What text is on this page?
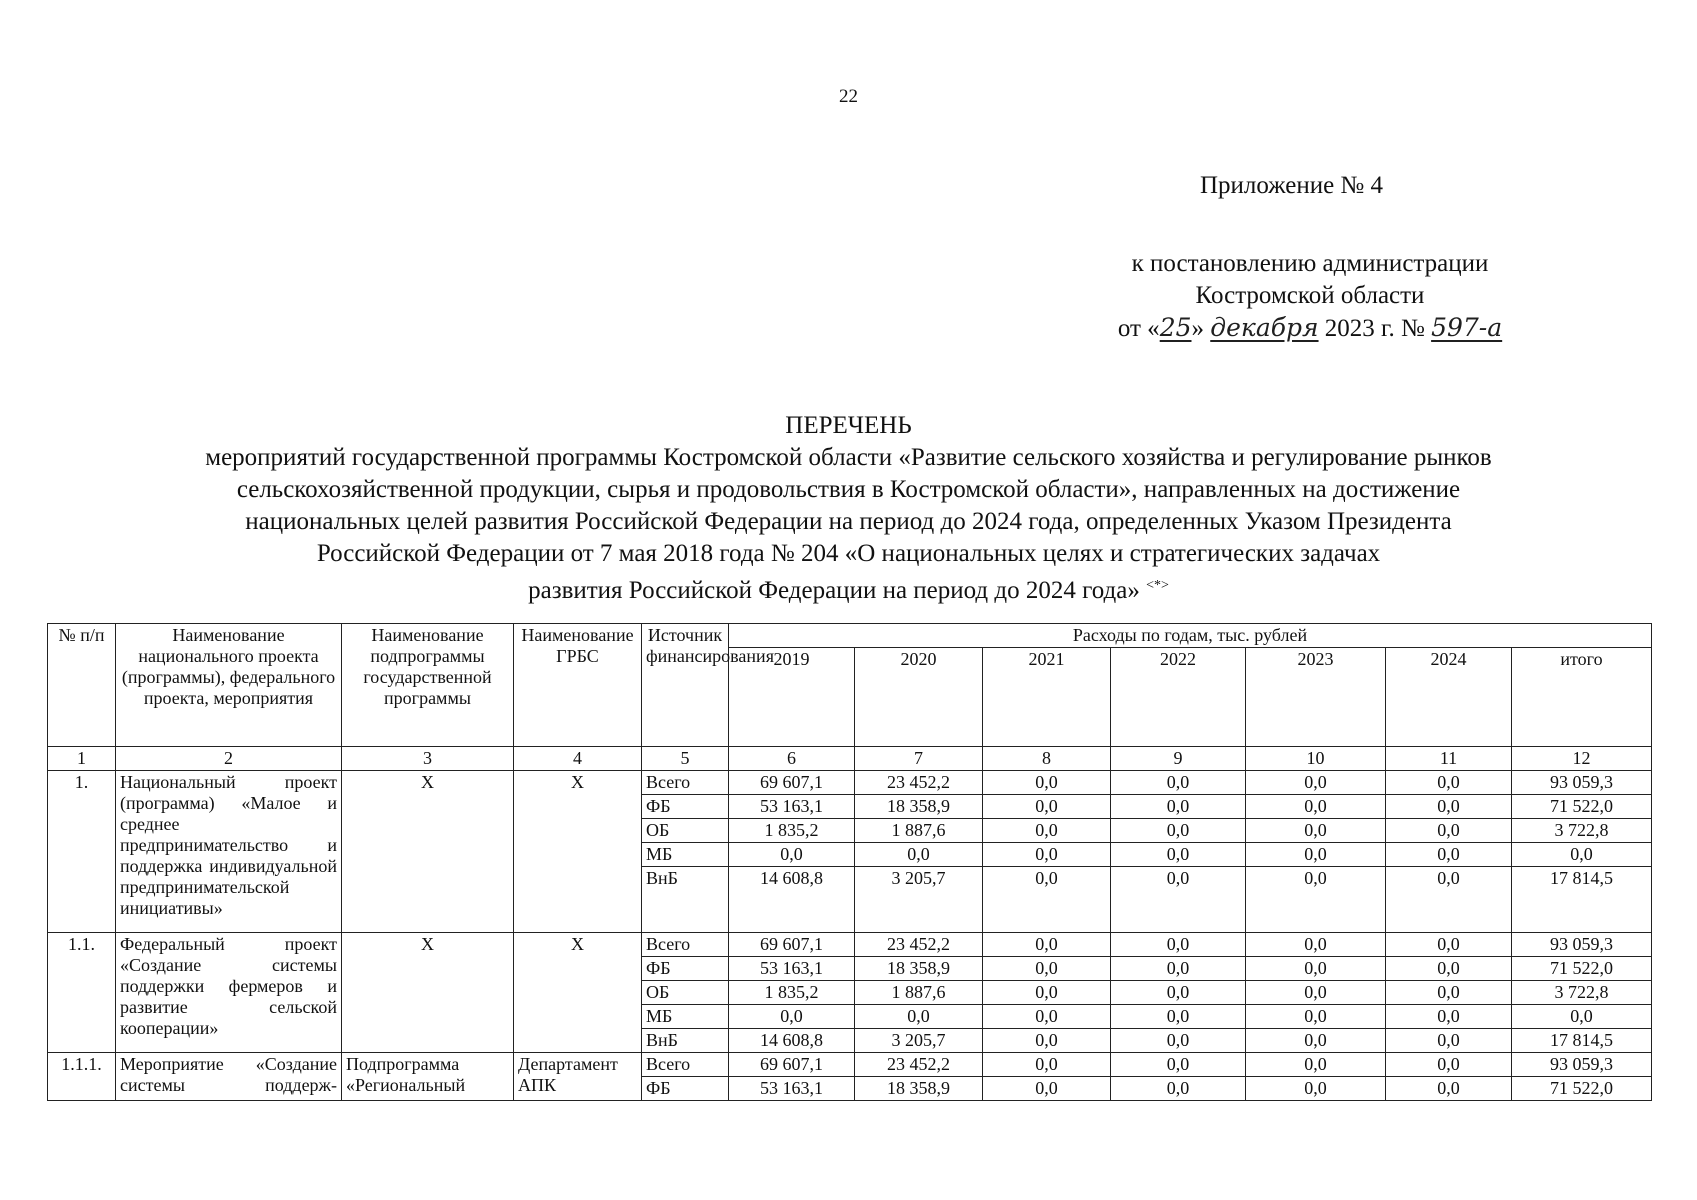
22
Приложение № 4
к постановлению администрации
Костромской области
от «25» декабря 2023 г. № 597-а
ПЕРЕЧЕНЬ
мероприятий государственной программы Костромской области «Развитие сельского хозяйства и регулирование рынков
сельскохозяйственной продукции, сырья и продовольствия в Костромской области», направленных на достижение
национальных целей развития Российской Федерации на период до 2024 года, определенных Указом Президента
Российской Федерации от 7 мая 2018 года № 204 «О национальных целях и стратегических задачах
развития Российской Федерации на период до 2024 года» <*>
№ п/п	Наименование национального проекта (программы), федерального проекта, мероприятия	Наименование подпрограммы государственной программы	Наименование ГРБС	Источник финансирования	Расходы по годам, тыс. рублей						
					2019	2020	2021	2022	2023	2024	итого
1	2	3	4	5	6	7	8	9	10	11	12
1.	Национальный проект (программа) «Малое и среднее предпринимательство и поддержка индивидуальной предпринимательской инициативы»	Х	Х	Всего	69 607,1	23 452,2	0,0	0,0	0,0	0,0	93 059,3
				ФБ	53 163,1	18 358,9	0,0	0,0	0,0	0,0	71 522,0
				ОБ	1 835,2	1 887,6	0,0	0,0	0,0	0,0	3 722,8
				МБ	0,0	0,0	0,0	0,0	0,0	0,0	0,0
				ВнБ	14 608,8	3 205,7	0,0	0,0	0,0	0,0	17 814,5
1.1.	Федеральный проект «Создание системы поддержки фермеров и развитие сельской кооперации»	Х	Х	Всего	69 607,1	23 452,2	0,0	0,0	0,0	0,0	93 059,3
				ФБ	53 163,1	18 358,9	0,0	0,0	0,0	0,0	71 522,0
				ОБ	1 835,2	1 887,6	0,0	0,0	0,0	0,0	3 722,8
				МБ	0,0	0,0	0,0	0,0	0,0	0,0	0,0
				ВнБ	14 608,8	3 205,7	0,0	0,0	0,0	0,0	17 814,5
1.1.1.	Мероприятие «Создание системы поддерж-	Подпрограмма «Региональный	Департамент АПК	Всего	69 607,1	23 452,2	0,0	0,0	0,0	0,0	93 059,3
				ФБ	53 163,1	18 358,9	0,0	0,0	0,0	0,0	71 522,0
